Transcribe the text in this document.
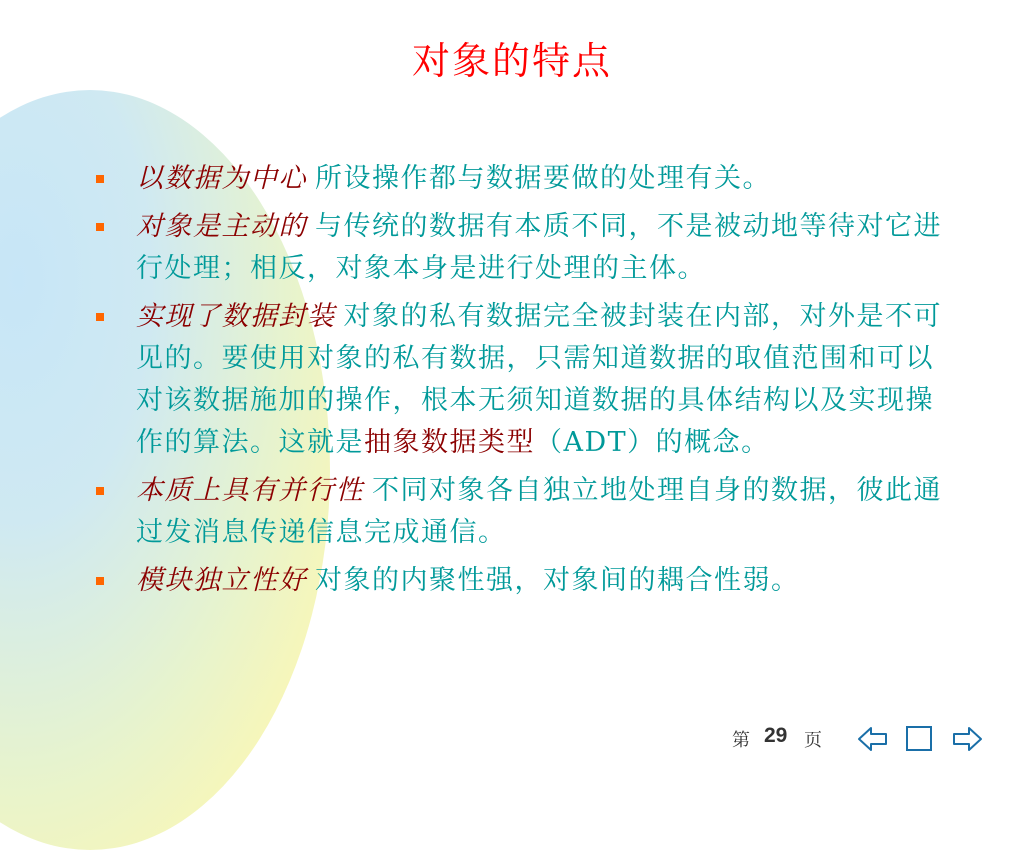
对象的特点
以数据为中心 所设操作都与数据要做的处理有关。
对象是主动的 与传统的数据有本质不同，不是被动地等待对它进行处理；相反，对象本身是进行处理的主体。
实现了数据封装 对象的私有数据完全被封装在内部，对外是不可见的。要使用对象的私有数据，只需知道数据的取值范围和可以对该数据施加的操作，根本无须知道数据的具体结构以及实现操作的算法。这就是抽象数据类型（ADT）的概念。
本质上具有并行性 不同对象各自独立地处理自身的数据，彼此通过发消息传递信息完成通信。
模块独立性好 对象的内聚性强，对象间的耦合性弱。
第 29 页
